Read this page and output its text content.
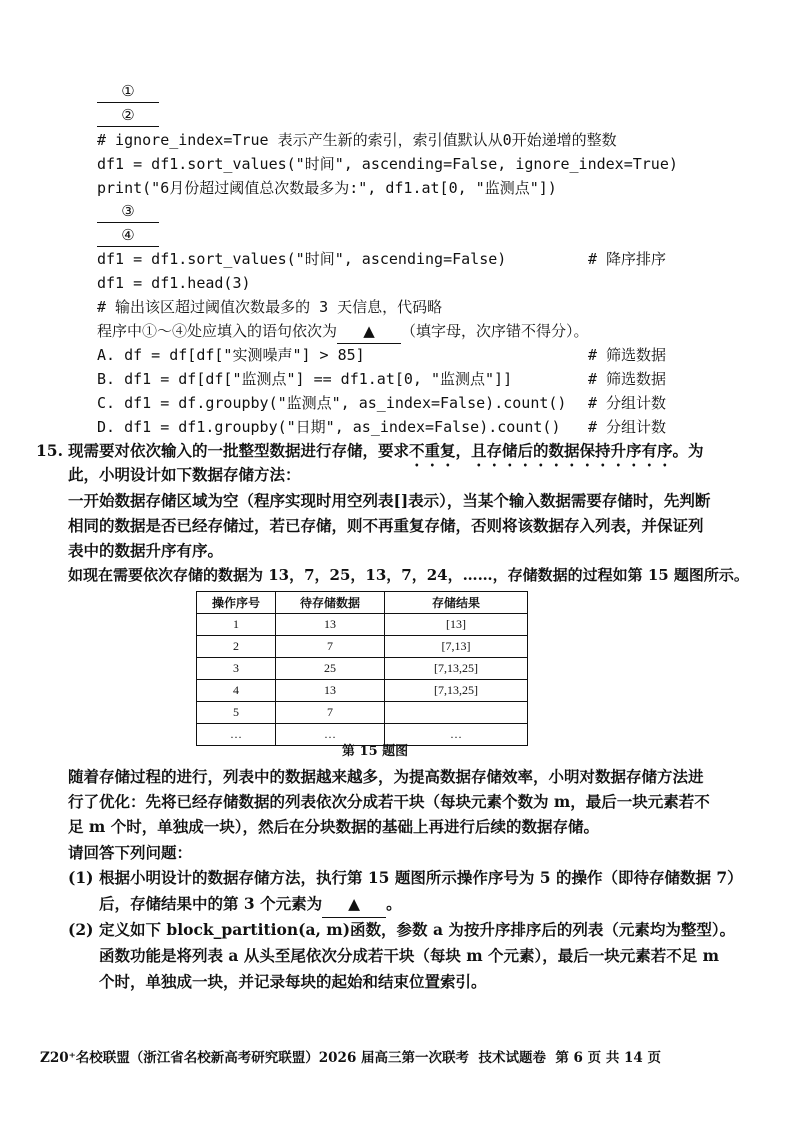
①
②
# ignore_index=True 表示产生新的索引，索引值默认从0开始递增的整数
df1 = df1.sort_values("时间", ascending=False, ignore_index=True)
print("6月份超过阈值总次数最多为:", df1.at[0, "监测点"])
③
④
df1 = df1.sort_values("时间", ascending=False)	# 降序排序
df1 = df1.head(3)
# 输出该区超过阈值次数最多的 3 天信息，代码略
程序中①～④处应填入的语句依次为 ▲ （填字母，次序错不得分）。
A. df = df[df["实测噪声"] > 85]	# 筛选数据
B. df1 = df[df["监测点"] == df1.at[0, "监测点"]]	# 筛选数据
C. df1 = df.groupby("监测点", as_index=False).count() # 分组计数
D. df1 = df1.groupby("日期", as_index=False).count() # 分组计数
15. 现需要对依次输入的一批整型数据进行存储，要求不重复，且存储后的数据保持升序有序。为
此，小明设计如下数据存储方法：
一开始数据存储区域为空（程序实现时用空列表[]表示），当某个输入数据需要存储时，先判断
相同的数据是否已经存储过，若已存储，则不再重复存储，否则将该数据存入列表，并保证列
表中的数据升序有序。
如现在需要依次存储的数据为 13，7，25，13，7，24，……，存储数据的过程如第 15 题图所示。
操作序号	待存储数据	存储结果
1	13	[13]
2	7	[7,13]
3	25	[7,13,25]
4	13	[7,13,25]
5	7	
…	…	…
第 15 题图
随着存储过程的进行，列表中的数据越来越多，为提高数据存储效率，小明对数据存储方法进
行了优化：先将已经存储数据的列表依次分成若干块（每块元素个数为 m，最后一块元素若不
足 m 个时，单独成一块），然后在分块数据的基础上再进行后续的数据存储。
请回答下列问题：
(1) 根据小明设计的数据存储方法，执行第 15 题图所示操作序号为 5 的操作（即待存储数据 7）
后，存储结果中的第 3 个元素为 ▲ 。
(2) 定义如下 block_partition(a, m)函数，参数 a 为按升序排序后的列表（元素均为整型）。
函数功能是将列表 a 从头至尾依次分成若干块（每块 m 个元素），最后一块元素若不足 m
个时，单独成一块，并记录每块的起始和结束位置索引。
Z20⁺名校联盟（浙江省名校新高考研究联盟）2026 届高三第一次联考  技术试题卷  第 6 页 共 14 页
